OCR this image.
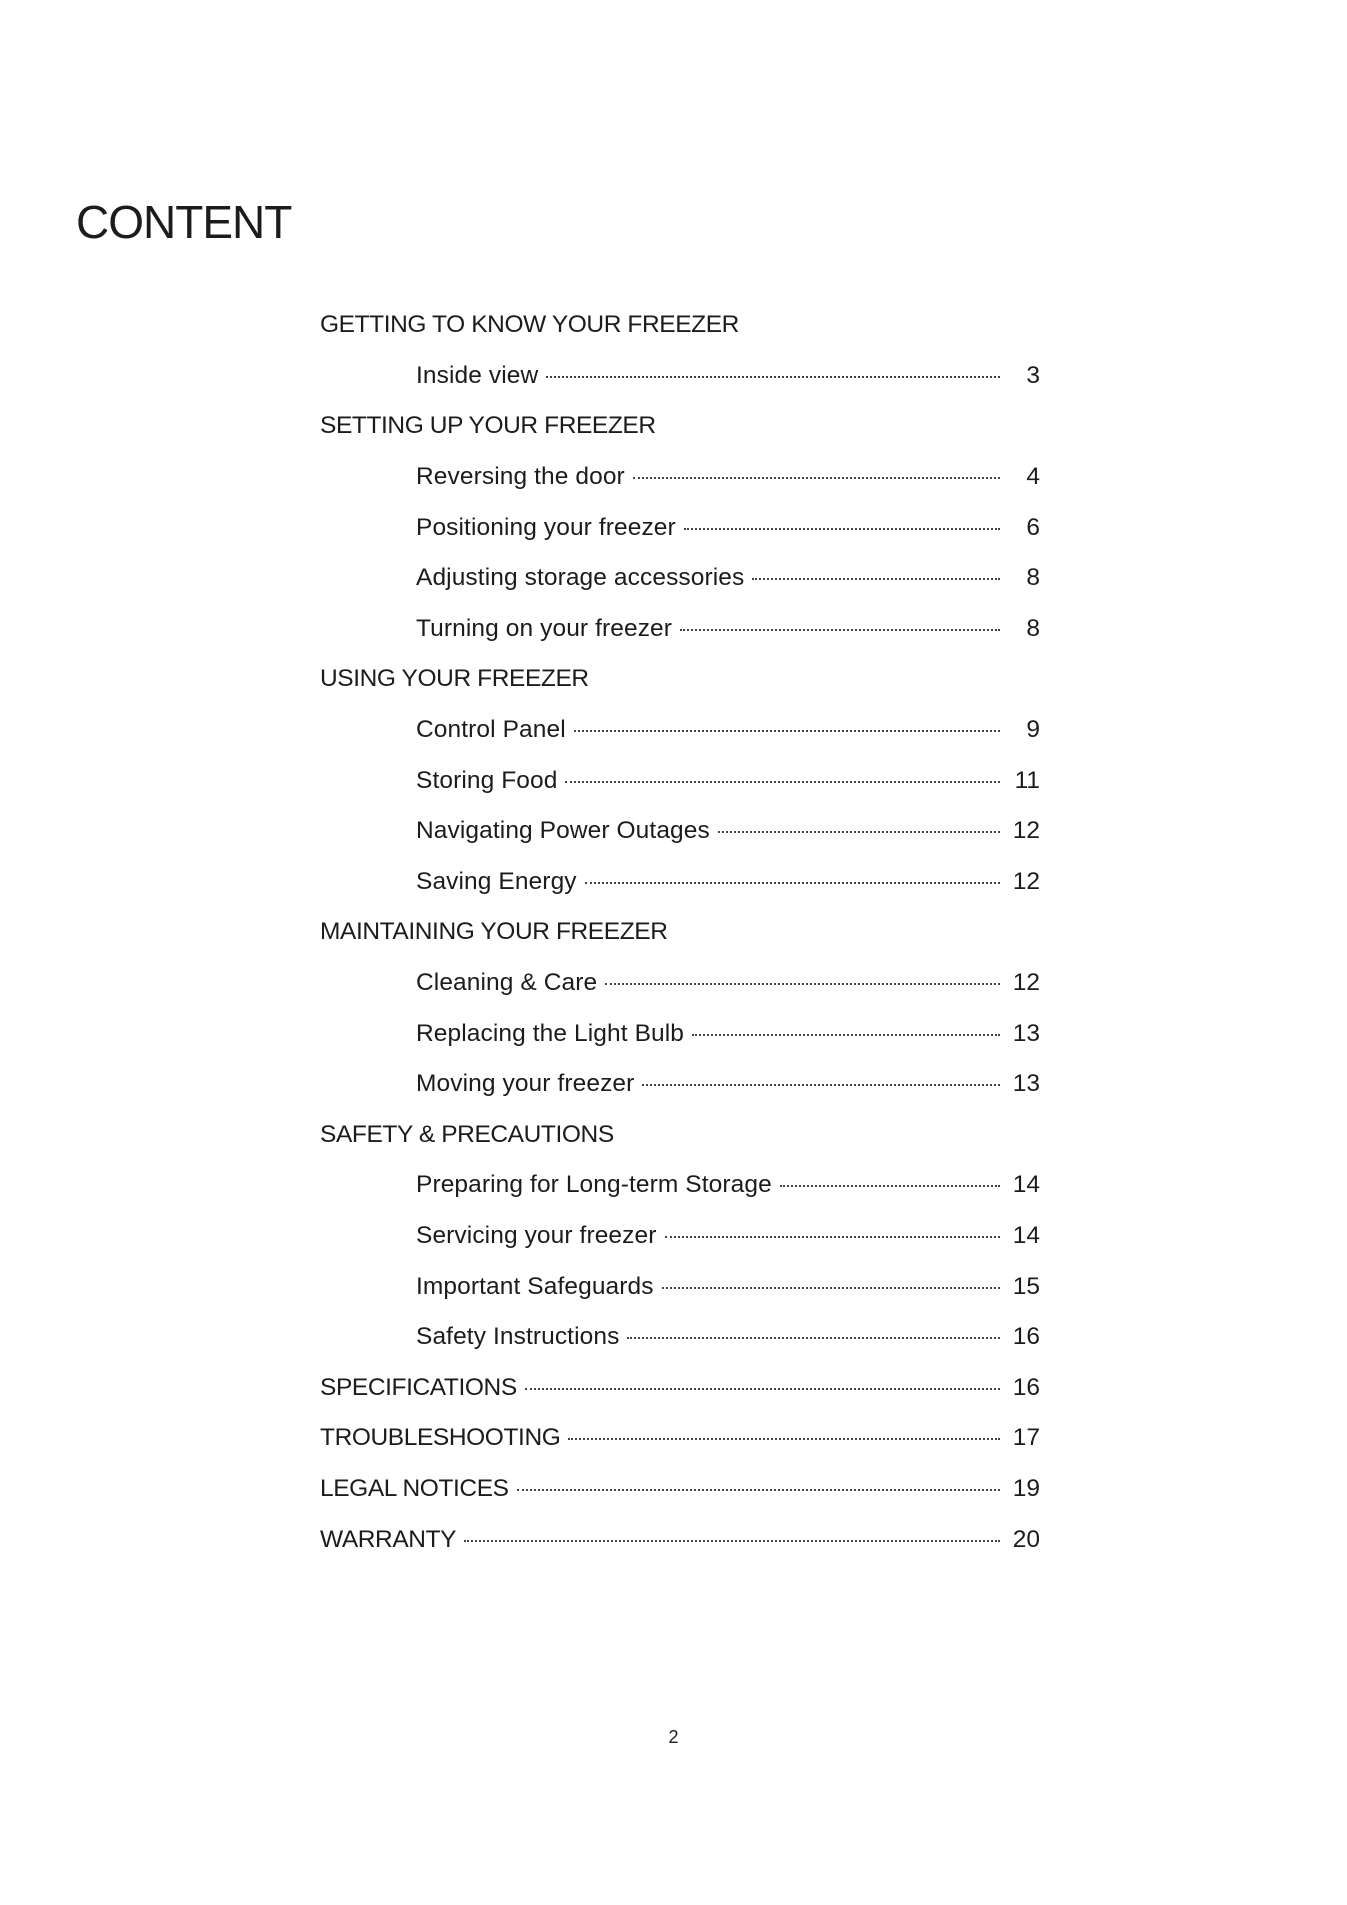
CONTENT
GETTING TO KNOW YOUR FREEZER
Inside view	3
SETTING UP YOUR FREEZER
Reversing the door	4
Positioning your freezer	6
Adjusting storage accessories	8
Turning on your freezer	8
USING YOUR FREEZER
Control Panel	9
Storing Food	11
Navigating Power Outages	12
Saving Energy	12
MAINTAINING YOUR FREEZER
Cleaning & Care	12
Replacing the Light Bulb	13
Moving your freezer	13
SAFETY & PRECAUTIONS
Preparing for Long-term Storage	14
Servicing your freezer	14
Important Safeguards	15
Safety Instructions	16
SPECIFICATIONS	16
TROUBLESHOOTING	17
LEGAL NOTICES	19
WARRANTY	20
2
